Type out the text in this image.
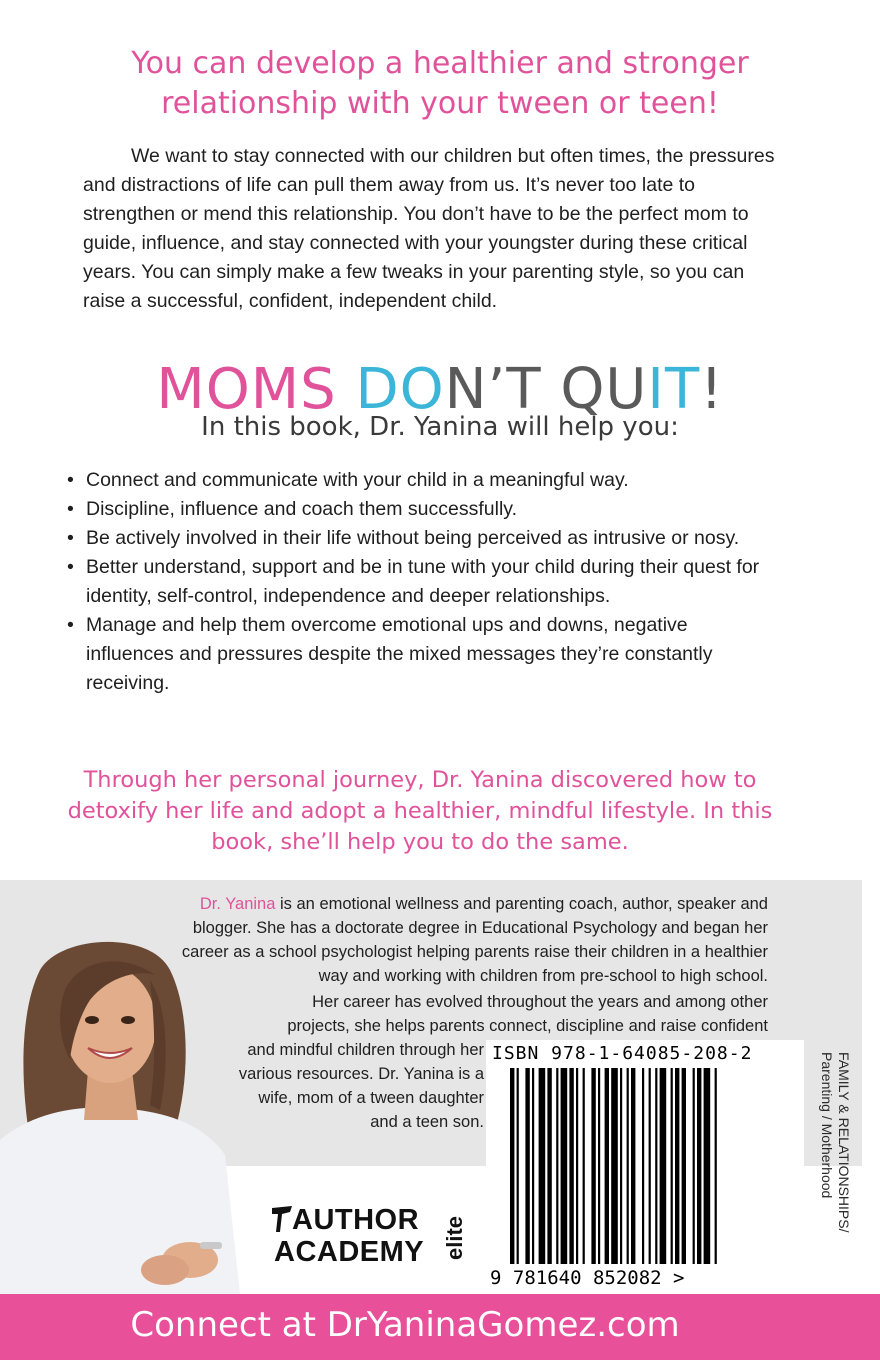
You can develop a healthier and stronger
relationship with your tween or teen!

We want to stay connected with our children but often times, the pressures and distractions of life can pull them away from us. It’s never too late to strengthen or mend this relationship. You don’t have to be the perfect mom to guide, influence, and stay connected with your youngster during these critical years. You can simply make a few tweaks in your parenting style, so you can raise a successful, confident, independent child.

MOMS DON’T QUIT!
In this book, Dr. Yanina will help you:
• Connect and communicate with your child in a meaningful way.
• Discipline, influence and coach them successfully.
• Be actively involved in their life without being perceived as intrusive or nosy.
• Better understand, support and be in tune with your child during their quest for identity, self-control, independence and deeper relationships.
• Manage and help them overcome emotional ups and downs, negative influences and pressures despite the mixed messages they’re constantly receiving.

Through her personal journey, Dr. Yanina discovered how to detoxify her life and adopt a healthier, mindful lifestyle. In this book, she’ll help you to do the same.

Dr. Yanina is an emotional wellness and parenting coach, author, speaker and blogger. She has a doctorate degree in Educational Psychology and began her career as a school psychologist helping parents raise their children in a healthier way and working with children from pre-school to high school.

Her career has evolved throughout the years and among other
projects, she helps parents connect, discipline and raise confident
and mindful children through her
various resources. Dr. Yanina is a
wife, mom of a tween daughter
and a teen son.

ISBN 978-1-64085-208-2
9 781640 852082 >
FAMILY & RELATIONSHIPS/
Parenting / Motherhood
AUTHOR
ACADEMY elite
Connect at DrYaninaGomez.com
